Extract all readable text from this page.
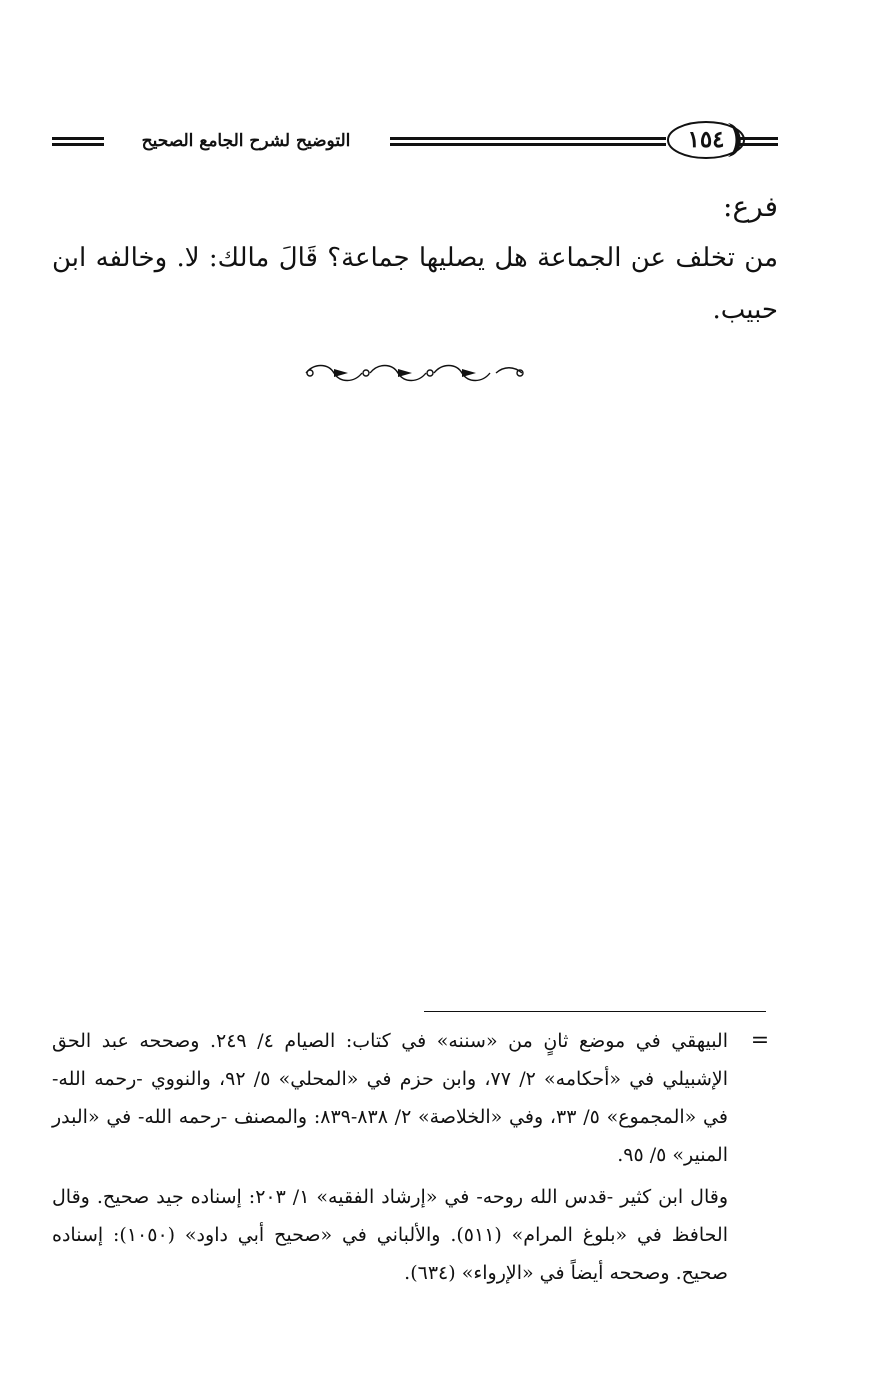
التوضيح لشرح الجامع الصحيح	١٥٤

فرع:

من تخلف عن الجماعة هل يصليها جماعة؟ قَالَ مالك: لا. وخالفه ابن حبيب.

=

البيهقي في موضع ثانٍ من «سننه» في كتاب: الصيام ٤/ ٢٤٩. وصححه عبد الحق الإشبيلي في «أحكامه» ٢/ ٧٧، وابن حزم في «المحلي» ٥/ ٩٢، والنووي -رحمه الله- في «المجموع» ٥/ ٣٣، وفي «الخلاصة» ٢/ ٨٣٨-٨٣٩: والمصنف -رحمه الله- في «البدر المنير» ٥/ ٩٥.

وقال ابن كثير -قدس الله روحه- في «إرشاد الفقيه» ١/ ٢٠٣: إسناده جيد صحيح. وقال الحافظ في «بلوغ المرام» (٥١١). والألباني في «صحيح أبي داود» (١٠٥٠): إسناده صحيح. وصححه أيضاً في «الإرواء» (٦٣٤).
